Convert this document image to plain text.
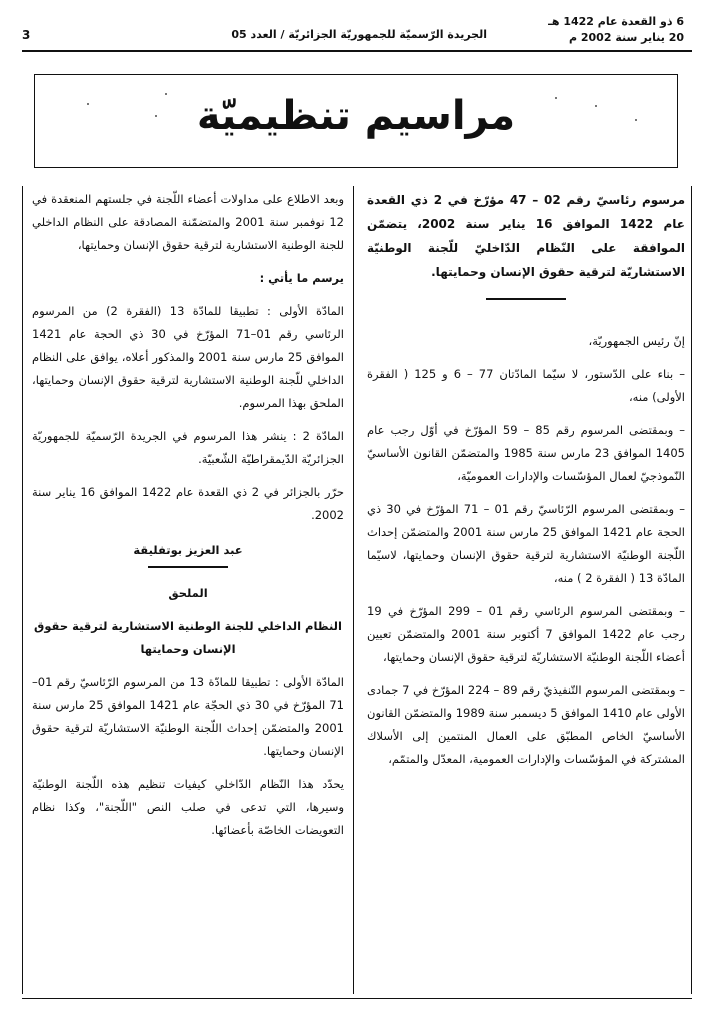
3	الجريدة الرّسميّة للجمهوريّة الجزائريّة / العدد 05
6 ذو القعدة عام 1422 هـ
20 يناير سنة 2002 م
مراسيم تنظيميّة

مرسوم رئاسيّ رقم 02 – 47 مؤرّخ في 2 ذي القعدة عام 1422 الموافق 16 يناير سنة 2002، يتضمّن الموافقة على النّظام الدّاخليّ للّجنة الوطنيّة الاستشاريّة لترقية حقوق الإنسان وحمايتها.

إنّ رئيس الجمهوريّة،

– بناء على الدّستور، لا سيّما المادّتان 77 – 6 و 125 ( الفقرة الأولى) منه،

– وبمقتضى المرسوم رقم 85 – 59 المؤرّخ في أوّل رجب عام 1405 الموافق 23 مارس سنة 1985 والمتضمّن القانون الأساسيّ النّموذجيّ لعمال المؤسّسات والإدارات العموميّة،

– وبمقتضى المرسوم الرّئاسيّ رقم 01 – 71 المؤرّخ في 30 ذي الحجة عام 1421 الموافق 25 مارس سنة 2001 والمتضمّن إحداث اللّجنة الوطنيّة الاستشارية لترقية حقوق الإنسان وحمايتها، لاسيّما المادّة 13 ( الفقرة 2 ) منه،

– وبمقتضى المرسوم الرئاسي رقم 01 – 299 المؤرّخ في 19 رجب عام 1422 الموافق 7 أكتوبر سنة 2001 والمتضمّن تعيين أعضاء اللّجنة الوطنيّة الاستشاريّة لترقية حقوق الإنسان وحمايتها،

– وبمقتضى المرسوم التّنفيذيّ رقم 89 – 224 المؤرّخ في 7 جمادى الأولى عام 1410 الموافق 5 ديسمبر سنة 1989 والمتضمّن القانون الأساسيّ الخاص المطبّق على العمال المنتمين إلى الأسلاك المشتركة في المؤسّسات والإدارات العمومية، المعدّل والمتمّم،

وبعد الاطلاع على مداولات أعضاء اللّجنة في جلستهم المنعقدة في 12 نوفمبر سنة 2001 والمتضمّنة المصادقة على النظام الداخلي للجنة الوطنية الاستشارية لترقية حقوق الإنسان وحمايتها،

يرسم ما يأتي :

المادّة الأولى : تطبيقا للمادّة 13 (الفقرة 2) من المرسوم الرئاسي رقم 01–71 المؤرّخ في 30 ذي الحجة عام 1421 الموافق 25 مارس سنة 2001 والمذكور أعلاه، يوافق على النظام الداخلي للّجنة الوطنية الاستشارية لترقية حقوق الإنسان وحمايتها، الملحق بهذا المرسوم.

المادّة 2 : ينشر هذا المرسوم في الجريدة الرّسميّة للجمهوريّة الجزائريّة الدّيمقراطيّة الشّعبيّة.

حرّر بالجزائر في 2 ذي القعدة عام 1422 الموافق 16 يناير سنة 2002.

عبد العزيز بوتفليقة

الملحق

النظام الداخلي للجنة الوطنية الاستشارية لترقية حقوق الإنسان وحمايتها

المادّة الأولى : تطبيقا للمادّة 13 من المرسوم الرّئاسيّ رقم 01–71 المؤرّخ في 30 ذي الحجّة عام 1421 الموافق 25 مارس سنة 2001 والمتضمّن إحداث اللّجنة الوطنيّة الاستشاريّة لترقية حقوق الإنسان وحمايتها.

يحدّد هذا النّظام الدّاخلي كيفيات تنظيم هذه اللّجنة الوطنيّة وسيرها، التي تدعى في صلب النص "اللّجنة"، وكذا نظام التعويضات الخاصّة بأعضائها.
